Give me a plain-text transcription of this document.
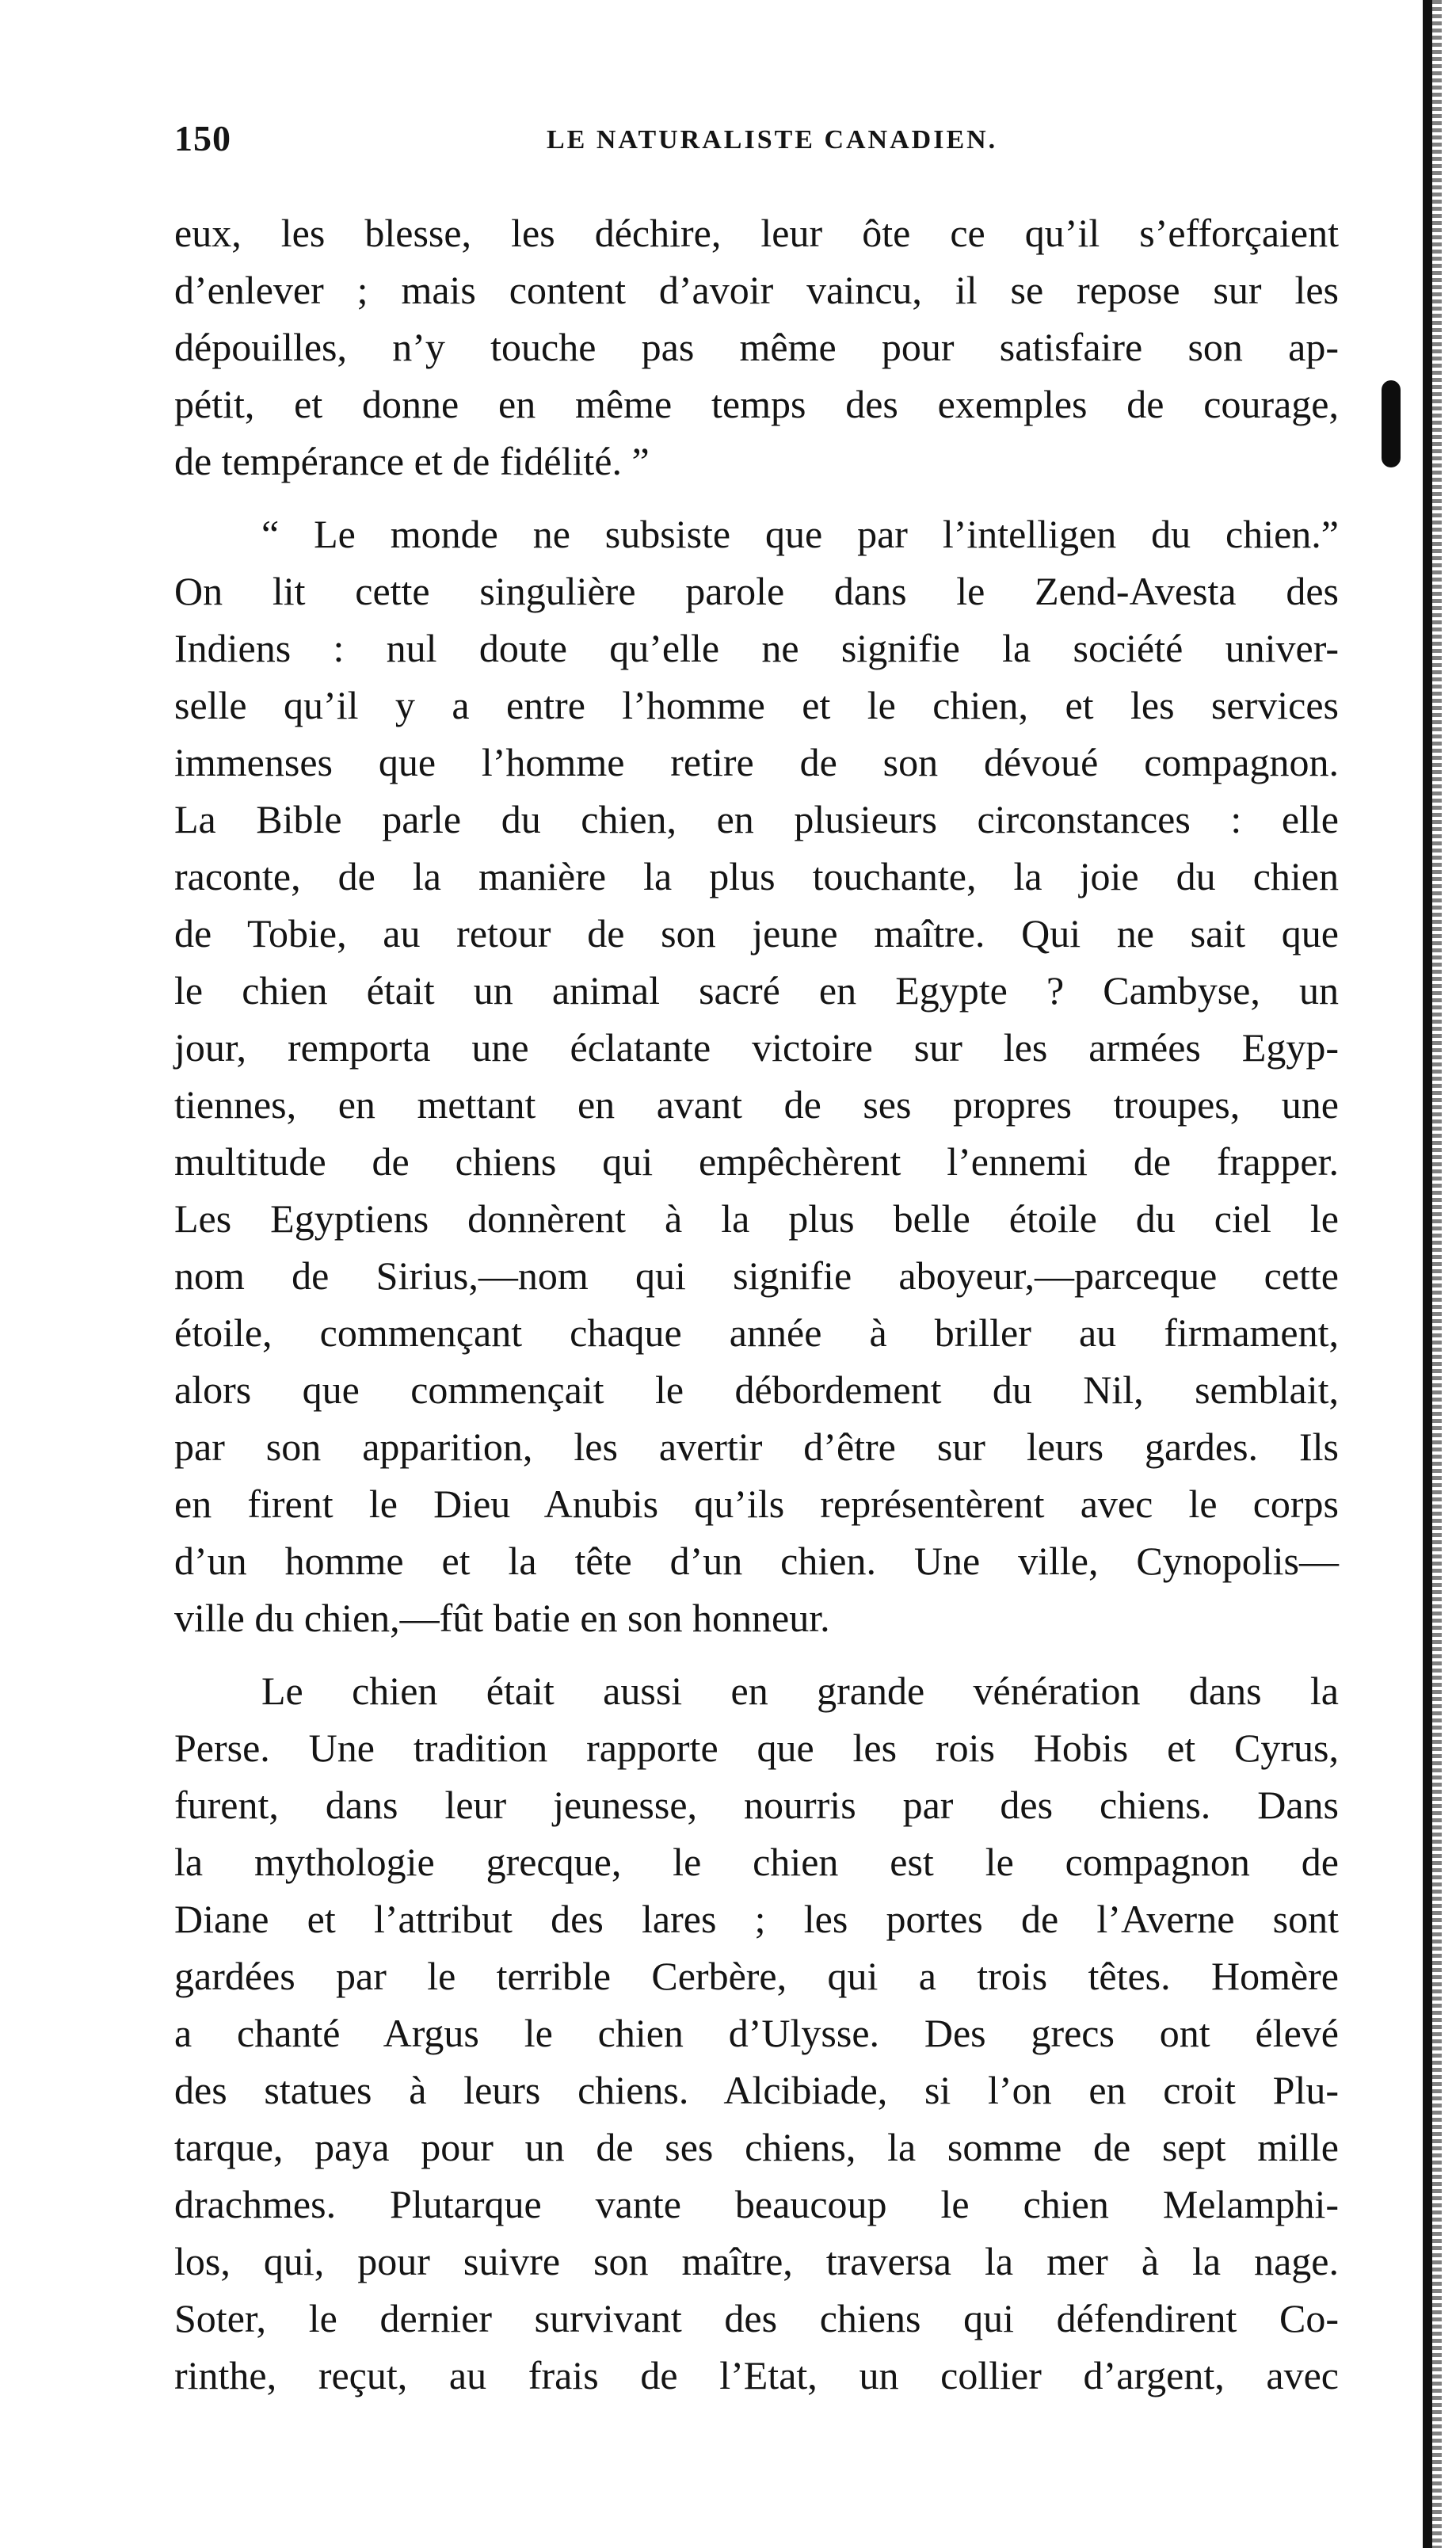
150	LE NATURALISTE CANADIEN.
eux, les blesse, les déchire, leur ôte ce qu’il s’efforçaient
d’enlever ; mais content d’avoir vaincu, il se repose sur les
dépouilles, n’y touche pas même pour satisfaire son ap-
pétit, et donne en même temps des exemples de courage,
de tempérance et de fidélité. ”
“ Le monde ne subsiste que par l’intelligen du chien.”
On lit cette singulière parole dans le Zend-Avesta des
Indiens : nul doute qu’elle ne signifie la société univer-
selle qu’il y a entre l’homme et le chien, et les services
immenses que l’homme retire de son dévoué compagnon.
La Bible parle du chien, en plusieurs circonstances : elle
raconte, de la manière la plus touchante, la joie du chien
de Tobie, au retour de son jeune maître. Qui ne sait que
le chien était un animal sacré en Egypte ? Cambyse, un
jour, remporta une éclatante victoire sur les armées Egyp-
tiennes, en mettant en avant de ses propres troupes, une
multitude de chiens qui empêchèrent l’ennemi de frapper.
Les Egyptiens donnèrent à la plus belle étoile du ciel le
nom de Sirius,—nom qui signifie aboyeur,—parceque cette
étoile, commençant chaque année à briller au firmament,
alors que commençait le débordement du Nil, semblait,
par son apparition, les avertir d’être sur leurs gardes. Ils
en firent le Dieu Anubis qu’ils représentèrent avec le corps
d’un homme et la tête d’un chien. Une ville, Cynopolis—
ville du chien,—fût batie en son honneur.
Le chien était aussi en grande vénération dans la
Perse. Une tradition rapporte que les rois Hobis et Cyrus,
furent, dans leur jeunesse, nourris par des chiens. Dans
la mythologie grecque, le chien est le compagnon de
Diane et l’attribut des lares ; les portes de l’Averne sont
gardées par le terrible Cerbère, qui a trois têtes. Homère
a chanté Argus le chien d’Ulysse. Des grecs ont élevé
des statues à leurs chiens. Alcibiade, si l’on en croit Plu-
tarque, paya pour un de ses chiens, la somme de sept mille
drachmes. Plutarque vante beaucoup le chien Melamphi-
los, qui, pour suivre son maître, traversa la mer à la nage.
Soter, le dernier survivant des chiens qui défendirent Co-
rinthe, reçut, au frais de l’Etat, un collier d’argent, avec
